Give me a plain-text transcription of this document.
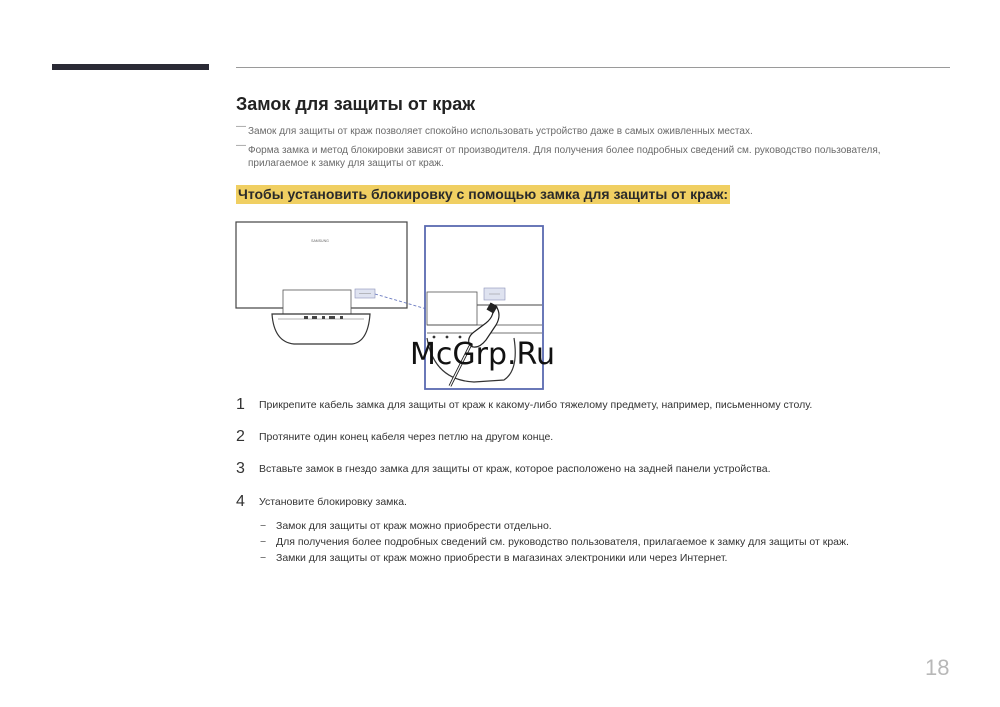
Замок для защиты от краж
― Замок для защиты от краж позволяет спокойно использовать устройство даже в самых оживленных местах.
― Форма замка и метод блокировки зависят от производителя. Для получения более подробных сведений см. руководство пользователя, прилагаемое к замку для защиты от краж.
Чтобы установить блокировку с помощью замка для защиты от краж:
SAMSUNG
McGrp.Ru
1	Прикрепите кабель замка для защиты от краж к какому-либо тяжелому предмету, например, письменному столу.
2	Протяните один конец кабеля через петлю на другом конце.
3	Вставьте замок в гнездо замка для защиты от краж, которое расположено на задней панели устройства.
4	Установите блокировку замка.
− Замок для защиты от краж можно приобрести отдельно.
− Для получения более подробных сведений см. руководство пользователя, прилагаемое к замку для защиты от краж.
− Замки для защиты от краж можно приобрести в магазинах электроники или через Интернет.
18
